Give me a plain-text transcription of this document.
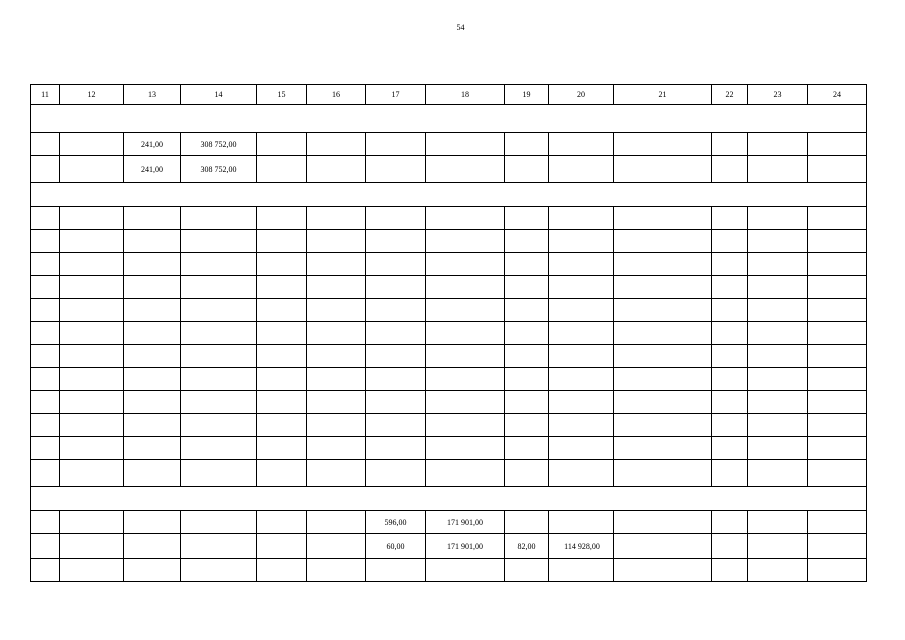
54
11	12	13	14	15	16	17	18	19	20	21	22	23	24

		241,00	308 752,00										
		241,00	308 752,00										

						596,00	171 901,00						
						60,00	171 901,00	82,00	114 928,00				
